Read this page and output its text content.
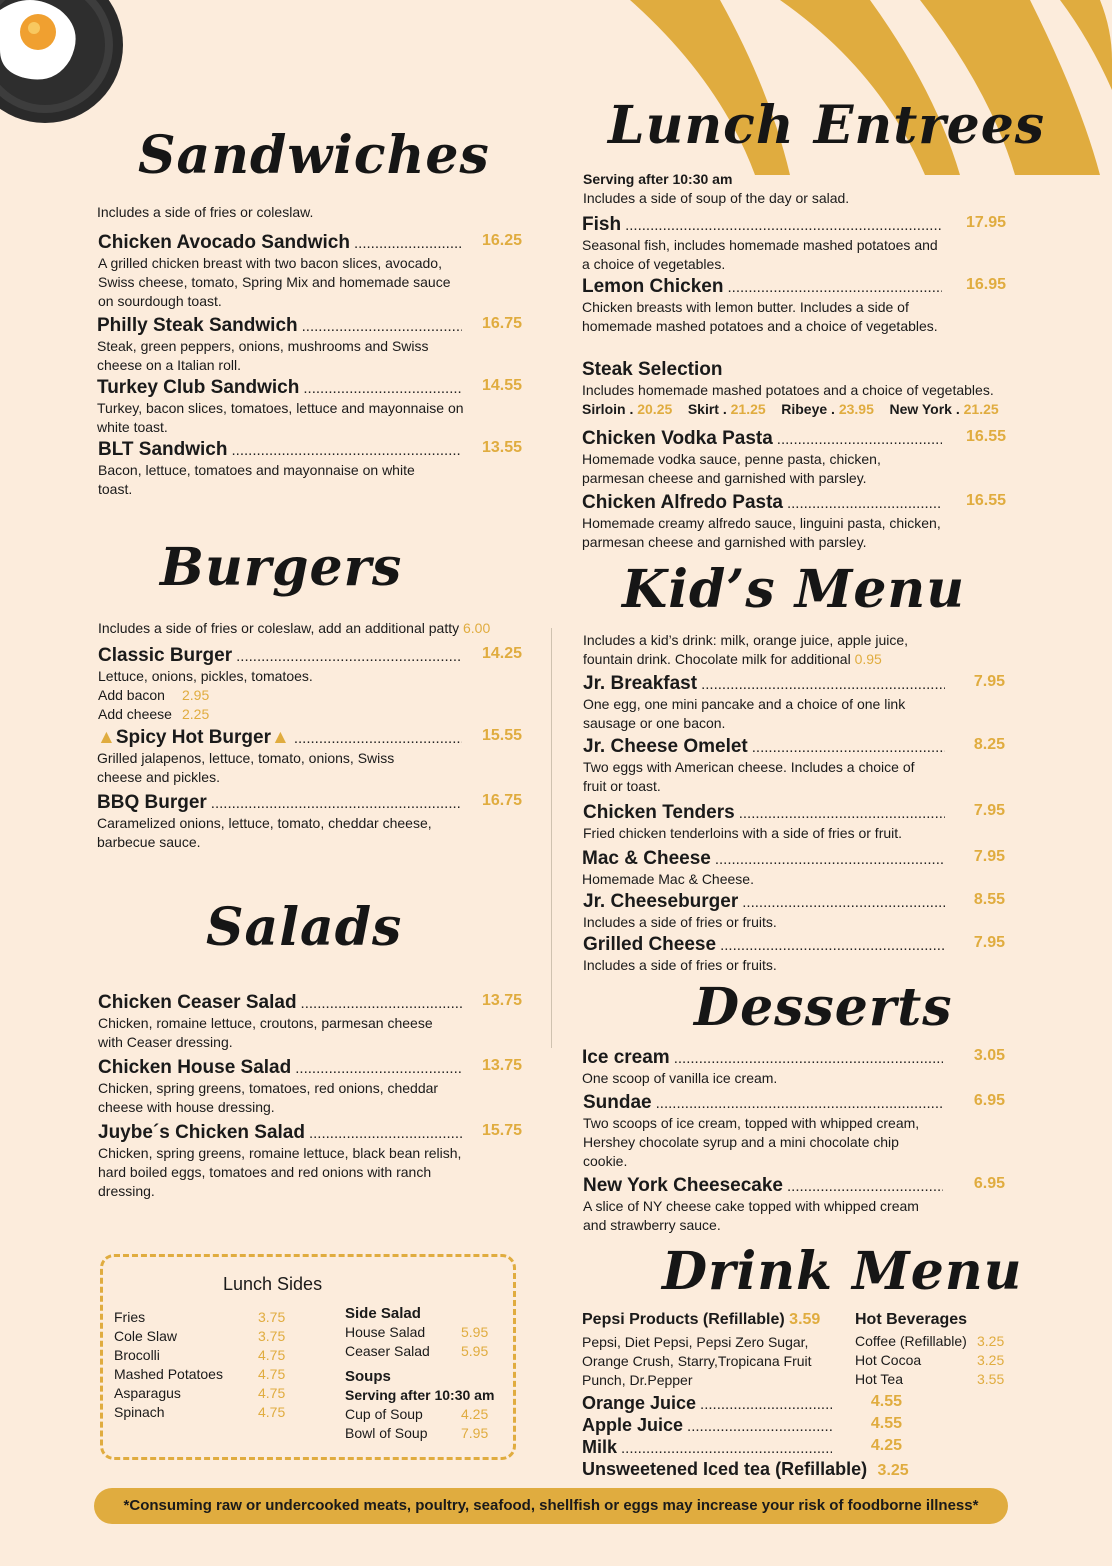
Sandwiches
Includes a side of fries or coleslaw.
Chicken Avocado Sandwich .....	16.25
A grilled chicken breast with two bacon slices, avocado, Swiss cheese, tomato, Spring Mix and homemade sauce on sourdough toast.
Philly Steak Sandwich .....	16.75
Steak, green peppers, onions, mushrooms and Swiss cheese on a Italian roll.
Turkey Club Sandwich .....	14.55
Turkey, bacon slices, tomatoes, lettuce and mayonnaise on white toast.
BLT Sandwich .....	13.55
Bacon, lettuce, tomatoes and mayonnaise on white toast.
Burgers
Includes a side of fries or coleslaw, add an additional patty 6.00
Classic Burger .....	14.25
Lettuce, onions, pickles, tomatoes.
Add bacon 2.95
Add cheese 2.25
▲Spicy Hot Burger▲ .....	15.55
Grilled jalapenos, lettuce, tomato, onions, Swiss cheese and pickles.
BBQ Burger .....	16.75
Caramelized onions, lettuce, tomato, cheddar cheese, barbecue sauce.
Salads
Chicken Ceaser Salad .....	13.75
Chicken, romaine lettuce, croutons, parmesan cheese with Ceaser dressing.
Chicken House Salad .....	13.75
Chicken, spring greens, tomatoes, red onions, cheddar cheese with house dressing.
Juybe´s Chicken Salad .....	15.75
Chicken, spring greens, romaine lettuce, black bean relish, hard boiled eggs, tomatoes and red onions with ranch dressing.
Lunch Sides
Fries	3.75
Cole Slaw	3.75
Brocolli	4.75
Mashed Potatoes	4.75
Asparagus	4.75
Spinach	4.75
Side Salad
House Salad	5.95
Ceaser Salad	5.95
Soups
Serving after 10:30 am
Cup of Soup	4.25
Bowl of Soup	7.95
Lunch Entrees
Serving after 10:30 am
Includes a side of soup of the day or salad.
Fish .....	17.95
Seasonal fish, includes homemade mashed potatoes and a choice of vegetables.
Lemon Chicken .....	16.95
Chicken breasts with lemon butter. Includes a side of homemade mashed potatoes and a choice of vegetables.
Steak Selection
Includes homemade mashed potatoes and a choice of vegetables.
Sirloin . 20.25 Skirt . 21.25 Ribeye . 23.95 New York . 21.25
Chicken Vodka Pasta .....	16.55
Homemade vodka sauce, penne pasta, chicken, parmesan cheese and garnished with parsley.
Chicken Alfredo Pasta .....	16.55
Homemade creamy alfredo sauce, linguini pasta, chicken, parmesan cheese and garnished with parsley.
Kid’s Menu
Includes a kid’s drink: milk, orange juice, apple juice, fountain drink. Chocolate milk for additional 0.95
Jr. Breakfast .....	7.95
One egg, one mini pancake and a choice of one link sausage or one bacon.
Jr. Cheese Omelet .....	8.25
Two eggs with American cheese. Includes a choice of fruit or toast.
Chicken Tenders .....	7.95
Fried chicken tenderloins with a side of fries or fruit.
Mac & Cheese .....	7.95
Homemade Mac & Cheese.
Jr. Cheeseburger .....	8.55
Includes a side of fries or fruits.
Grilled Cheese .....	7.95
Includes a side of fries or fruits.
Desserts
Ice cream .....	3.05
One scoop of vanilla ice cream.
Sundae .....	6.95
Two scoops of ice cream, topped with whipped cream, Hershey chocolate syrup and a mini chocolate chip cookie.
New York Cheesecake .....	6.95
A slice of NY cheese cake topped with whipped cream and strawberry sauce.
Drink Menu
Pepsi Products (Refillable) 3.59
Pepsi, Diet Pepsi, Pepsi Zero Sugar, Orange Crush, Starry,Tropicana Fruit Punch, Dr.Pepper
Hot Beverages
Coffee (Refillable) 3.25
Hot Cocoa	3.25
Hot Tea	3.55
Orange Juice .....	4.55
Apple Juice .....	4.55
Milk .....	4.25
Unsweetened Iced tea (Refillable) 3.25
*Consuming raw or undercooked meats, poultry, seafood, shellfish or eggs may increase your risk of foodborne illness*
